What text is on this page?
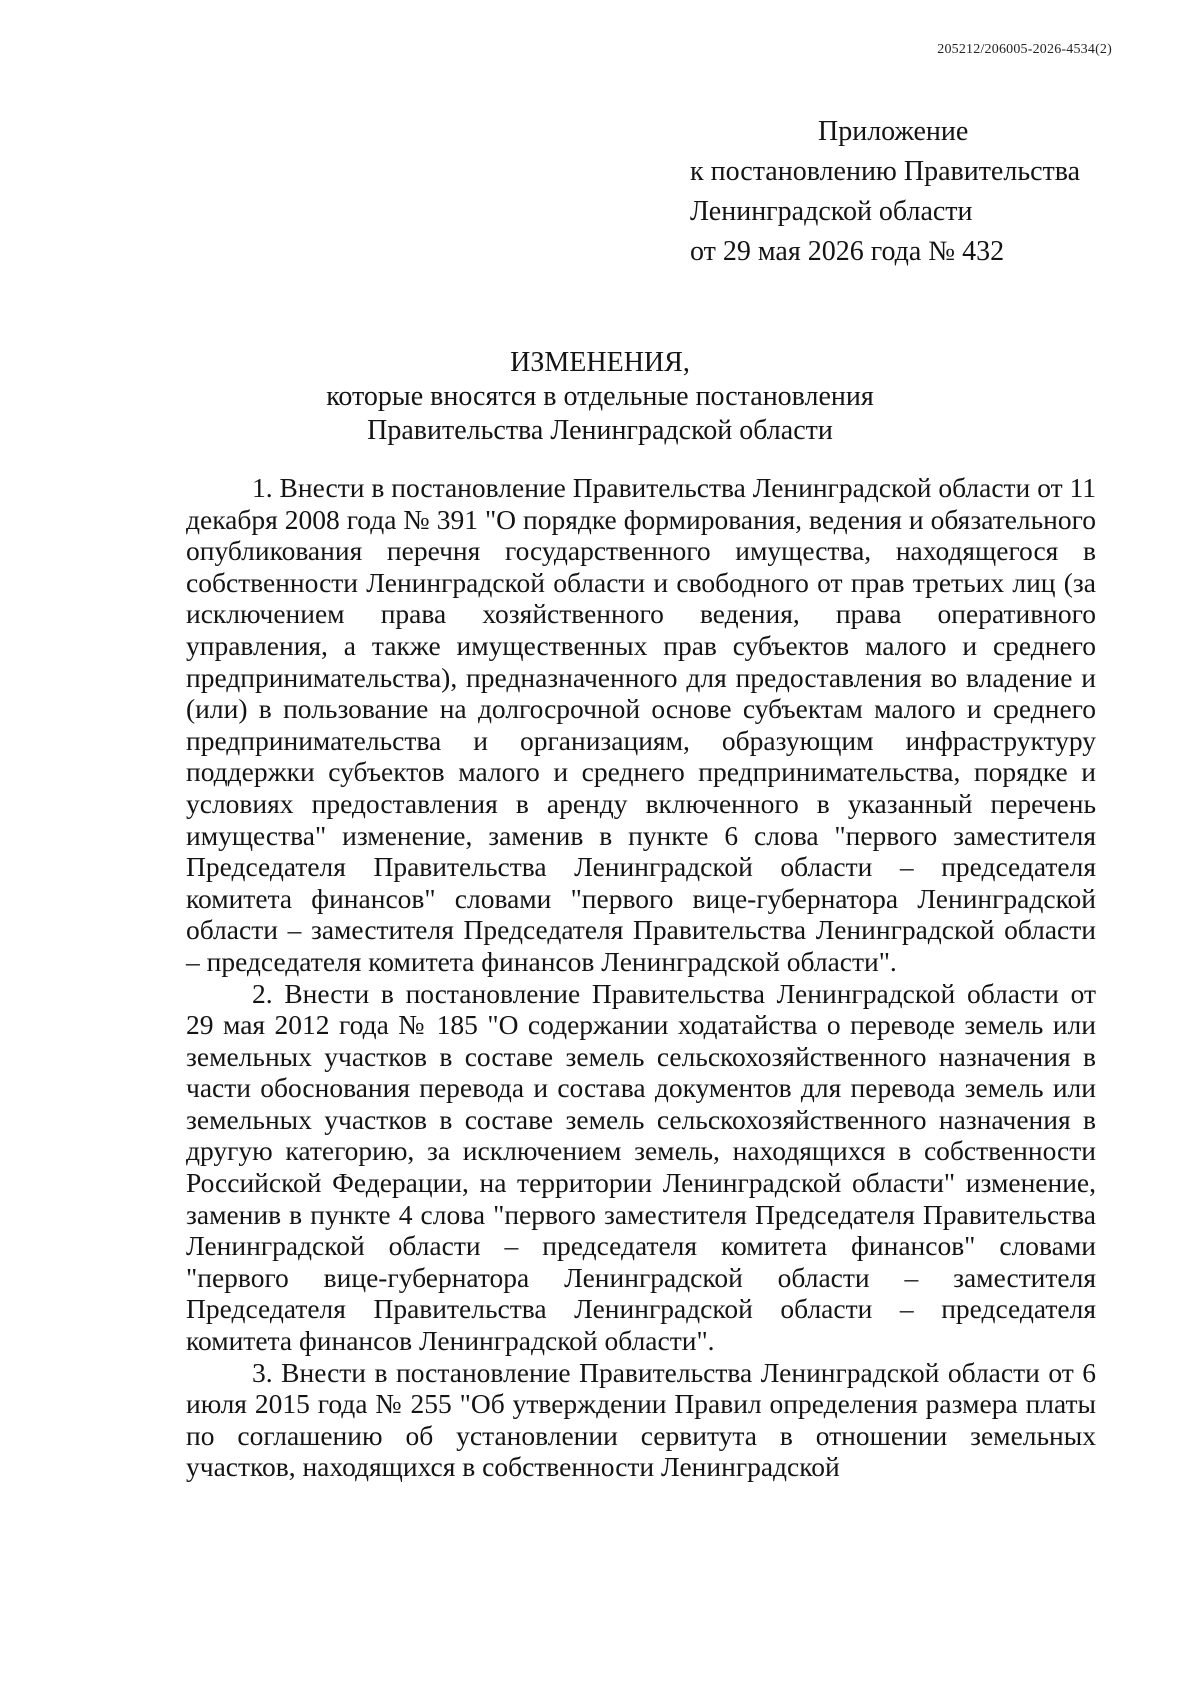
205212/206005-2026-4534(2)
Приложение
к постановлению Правительства
Ленинградской области
от 29 мая 2026 года № 432
ИЗМЕНЕНИЯ,
которые вносятся в отдельные постановления
Правительства Ленинградской области

1. Внести в постановление Правительства Ленинградской области от 11 декабря 2008 года № 391 "О порядке формирования, ведения и обязательного опубликования перечня государственного имущества, находящегося в собственности Ленинградской области и свободного от прав третьих лиц (за исключением права хозяйственного ведения, права оперативного управления, а также имущественных прав субъектов малого и среднего предпринимательства), предназначенного для предоставления во владение и (или) в пользование на долгосрочной основе субъектам малого и среднего предпринимательства и организациям, образующим инфраструктуру поддержки субъектов малого и среднего предпринимательства, порядке и условиях предоставления в аренду включенного в указанный перечень имущества" изменение, заменив в пункте 6 слова "первого заместителя Председателя Правительства Ленинградской области – председателя комитета финансов" словами "первого вице-губернатора Ленинградской области – заместителя Председателя Правительства Ленинградской области – председателя комитета финансов Ленинградской области".

2. Внести в постановление Правительства Ленинградской области от 29 мая 2012 года № 185 "О содержании ходатайства о переводе земель или земельных участков в составе земель сельскохозяйственного назначения в части обоснования перевода и состава документов для перевода земель или земельных участков в составе земель сельскохозяйственного назначения в другую категорию, за исключением земель, находящихся в собственности Российской Федерации, на территории Ленинградской области" изменение, заменив в пункте 4 слова "первого заместителя Председателя Правительства Ленинградской области – председателя комитета финансов" словами "первого вице-губернатора Ленинградской области – заместителя Председателя Правительства Ленинградской области – председателя комитета финансов Ленинградской области".

3. Внести в постановление Правительства Ленинградской области от 6 июля 2015 года № 255 "Об утверждении Правил определения размера платы по соглашению об установлении сервитута в отношении земельных участков, находящихся в собственности Ленинградской
